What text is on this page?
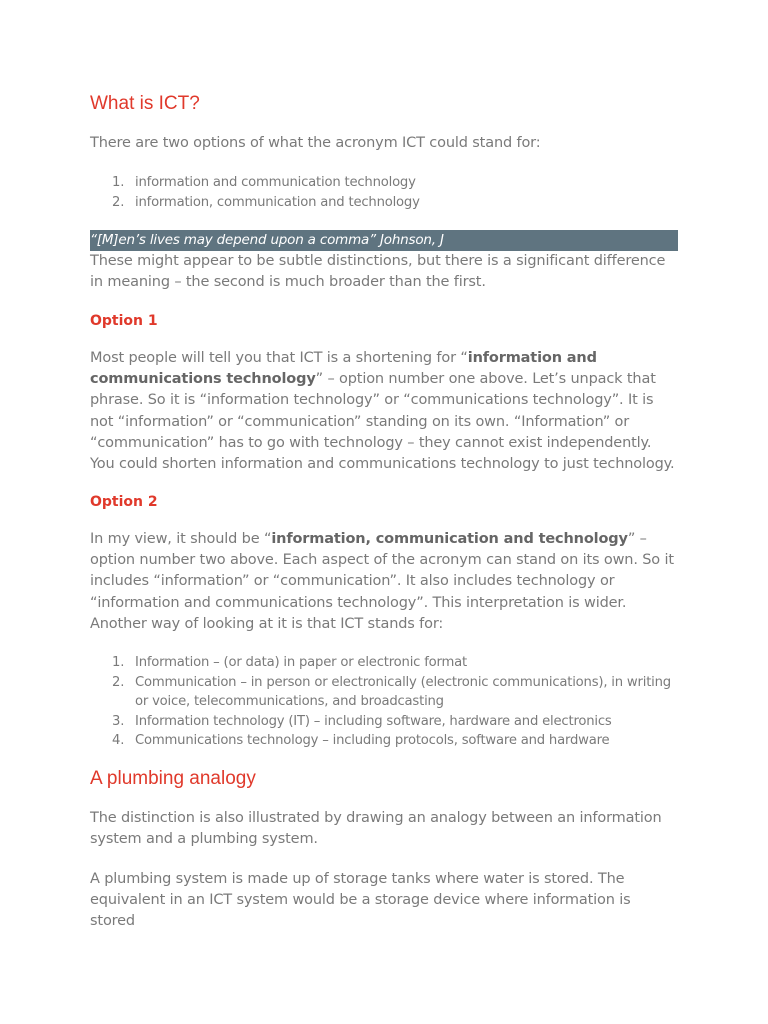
What is ICT?

There are two options of what the acronym ICT could stand for:

1. information and communication technology
2. information, communication and technology
“[M]en’s lives may depend upon a comma” Johnson, J

These might appear to be subtle distinctions, but there is a significant difference in meaning – the second is much broader than the first.

Option 1

Most people will tell you that ICT is a shortening for “information and communications technology” – option number one above. Let’s unpack that phrase. So it is “information technology” or “communications technology”. It is not “information” or “communication” standing on its own. “Information” or “communication” has to go with technology – they cannot exist independently. You could shorten information and communications technology to just technology.

Option 2

In my view, it should be “information, communication and technology” – option number two above. Each aspect of the acronym can stand on its own. So it includes “information” or “communication”. It also includes technology or “information and communications technology”. This interpretation is wider. Another way of looking at it is that ICT stands for:

1. Information – (or data) in paper or electronic format
2. Communication – in person or electronically (electronic communications), in writing or voice, telecommunications, and broadcasting
3. Information technology (IT) – including software, hardware and electronics
4. Communications technology – including protocols, software and hardware
A plumbing analogy

The distinction is also illustrated by drawing an analogy between an information system and a plumbing system.

A plumbing system is made up of storage tanks where water is stored. The equivalent in an ICT system would be a storage device where information is stored
